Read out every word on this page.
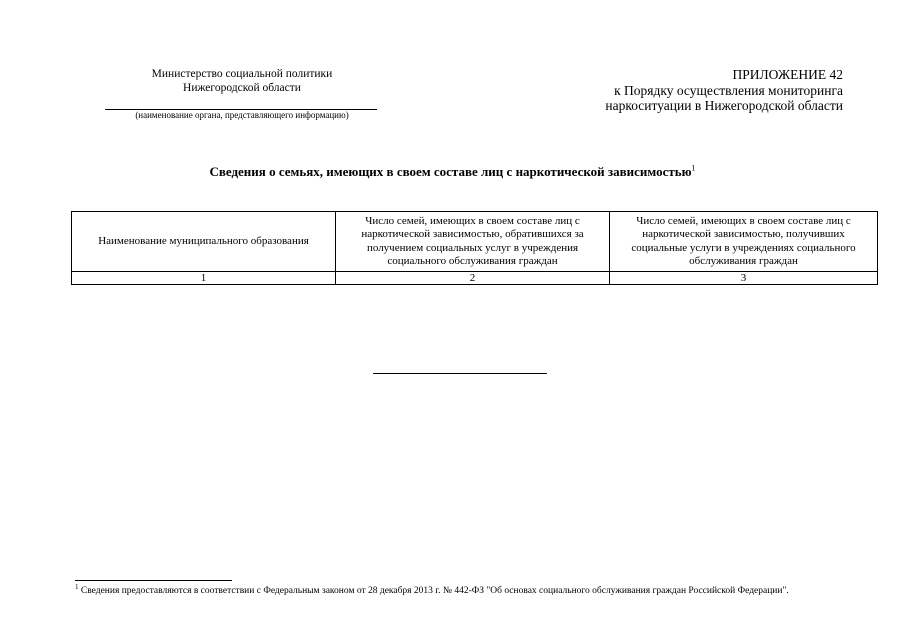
Министерство социальной политики
Нижегородской области
(наименование органа, представляющего информацию)
ПРИЛОЖЕНИЕ 42
к Порядку осуществления мониторинга
наркоситуации в Нижегородской области
Сведения о семьях, имеющих в своем составе лиц с наркотической зависимостью$^1$
Наименование муниципального образования	Число семей, имеющих в своем составе лиц с наркотической зависимостью, обратившихся за получением социальных услуг в учреждения социального обслуживания граждан	Число семей, имеющих в своем составе лиц с наркотической зависимостью, получивших социальные услуги в учреждениях социального обслуживания граждан
1	2	3
$^1$ Сведения предоставляются в соответствии с Федеральным законом от 28 декабря 2013 г. № 442-ФЗ "Об основах социального обслуживания граждан Российской Федерации".
